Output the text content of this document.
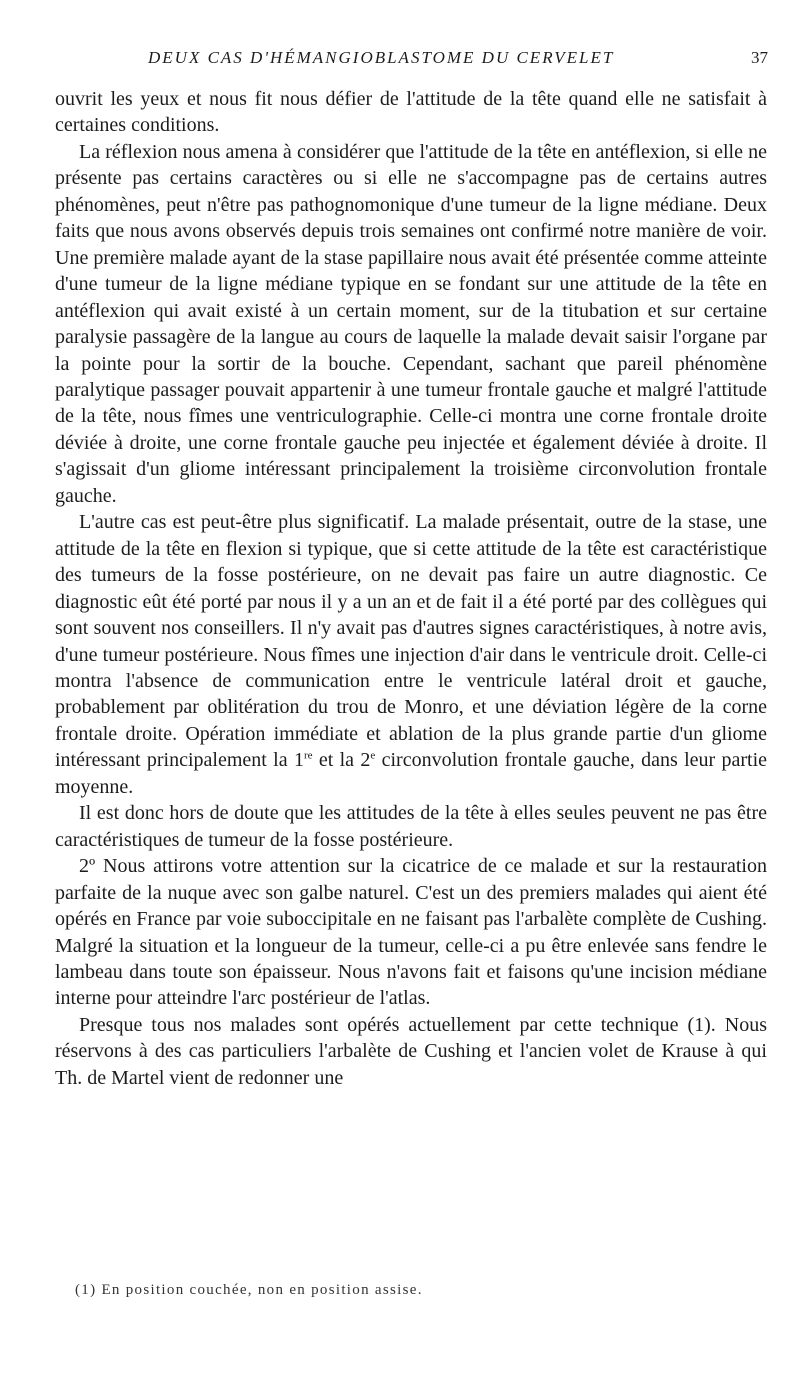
DEUX CAS D'HÉMANGIOBLASTOME DU CERVELET	37

ouvrit les yeux et nous fit nous défier de l'attitude de la tête quand elle ne satisfait à certaines conditions.

La réflexion nous amena à considérer que l'attitude de la tête en antéflexion, si elle ne présente pas certains caractères ou si elle ne s'accompagne pas de certains autres phénomènes, peut n'être pas pathognomonique d'une tumeur de la ligne médiane. Deux faits que nous avons observés depuis trois semaines ont confirmé notre manière de voir. Une première malade ayant de la stase papillaire nous avait été présentée comme atteinte d'une tumeur de la ligne médiane typique en se fondant sur une attitude de la tête en antéflexion qui avait existé à un certain moment, sur de la titubation et sur certaine paralysie passagère de la langue au cours de laquelle la malade devait saisir l'organe par la pointe pour la sortir de la bouche. Cependant, sachant que pareil phénomène paralytique passager pouvait appartenir à une tumeur frontale gauche et malgré l'attitude de la tête, nous fîmes une ventriculographie. Celle-ci montra une corne frontale droite déviée à droite, une corne frontale gauche peu injectée et également déviée à droite. Il s'agissait d'un gliome intéressant principalement la troisième circonvolution frontale gauche.

L'autre cas est peut-être plus significatif. La malade présentait, outre de la stase, une attitude de la tête en flexion si typique, que si cette attitude de la tête est caractéristique des tumeurs de la fosse postérieure, on ne devait pas faire un autre diagnostic. Ce diagnostic eût été porté par nous il y a un an et de fait il a été porté par des collègues qui sont souvent nos conseillers. Il n'y avait pas d'autres signes caractéristiques, à notre avis, d'une tumeur postérieure. Nous fîmes une injection d'air dans le ventricule droit. Celle-ci montra l'absence de communication entre le ventricule latéral droit et gauche, probablement par oblitération du trou de Monro, et une déviation légère de la corne frontale droite. Opération immédiate et ablation de la plus grande partie d'un gliome intéressant principalement la 1re et la 2e circonvolution frontale gauche, dans leur partie moyenne.

Il est donc hors de doute que les attitudes de la tête à elles seules peuvent ne pas être caractéristiques de tumeur de la fosse postérieure.

2º Nous attirons votre attention sur la cicatrice de ce malade et sur la restauration parfaite de la nuque avec son galbe naturel. C'est un des premiers malades qui aient été opérés en France par voie suboccipitale en ne faisant pas l'arbalète complète de Cushing. Malgré la situation et la longueur de la tumeur, celle-ci a pu être enlevée sans fendre le lambeau dans toute son épaisseur. Nous n'avons fait et faisons qu'une incision médiane interne pour atteindre l'arc postérieur de l'atlas.

Presque tous nos malades sont opérés actuellement par cette technique (1). Nous réservons à des cas particuliers l'arbalète de Cushing et l'ancien volet de Krause à qui Th. de Martel vient de redonner une

(1) En position couchée, non en position assise.
